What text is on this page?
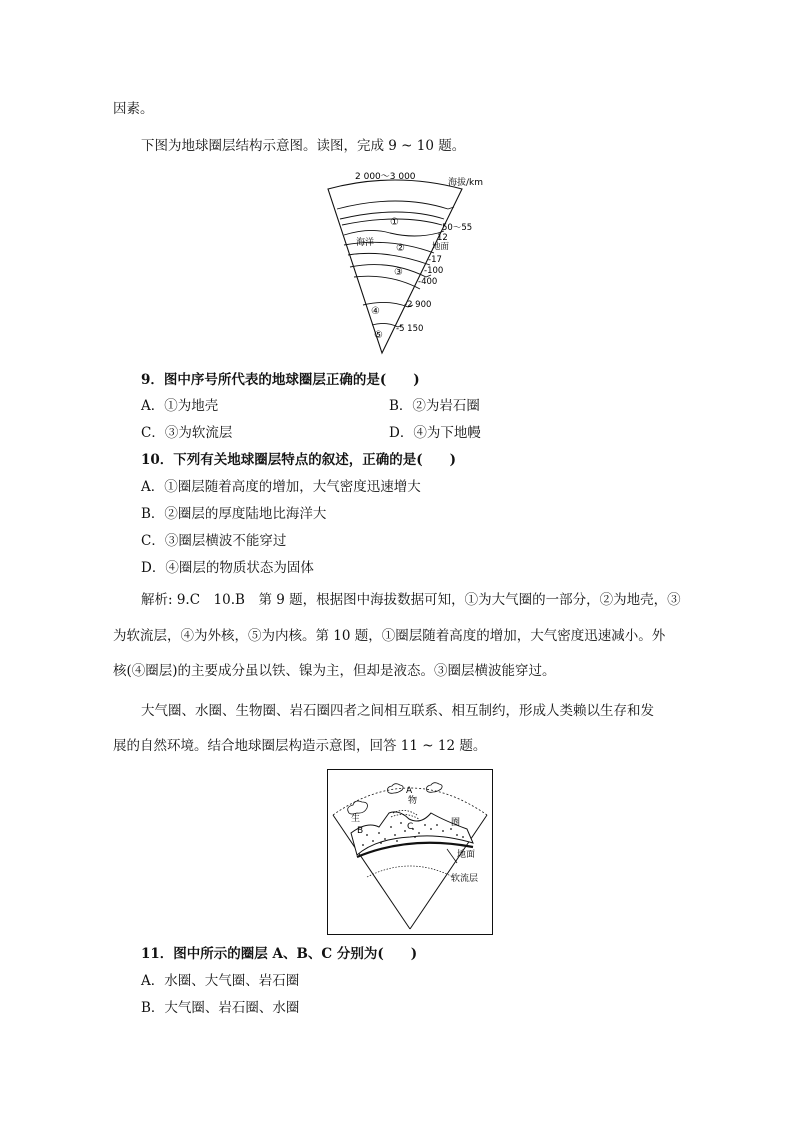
因素。
下图为地球圈层结构示意图。读图，完成 9 ~ 10 题。
2 000～3 000
海拔/km
①
海洋 ②
③
④
⑤
50～55
12
地面
-17
-100
-400
-2 900
-5 150
9．图中序号所代表的地球圈层正确的是(　　)
A．①为地壳	B．②为岩石圈
C．③为软流层	D．④为下地幔
10．下列有关地球圈层特点的叙述，正确的是(　　)
A．①圈层随着高度的增加，大气密度迅速增大
B．②圈层的厚度陆地比海洋大
C．③圈层横波不能穿过
D．④圈层的物质状态为固体
解析: 9.C　10.B　第 9 题，根据图中海拔数据可知，①为大气圈的一部分，②为地壳，③
为软流层，④为外核，⑤为内核。第 10 题，①圈层随着高度的增加，大气密度迅速减小。外
核(④圈层)的主要成分虽以铁、镍为主，但却是液态。③圈层横波能穿过。
大气圈、水圈、生物圈、岩石圈四者之间相互联系、相互制约，形成人类赖以生存和发
展的自然环境。结合地球圈层构造示意图，回答 11 ~ 12 题。
A
B	C
生
物
圈
地面
软流层
11．图中所示的圈层 A、B、C 分别为(　　)
A．水圈、大气圈、岩石圈
B．大气圈、岩石圈、水圈
